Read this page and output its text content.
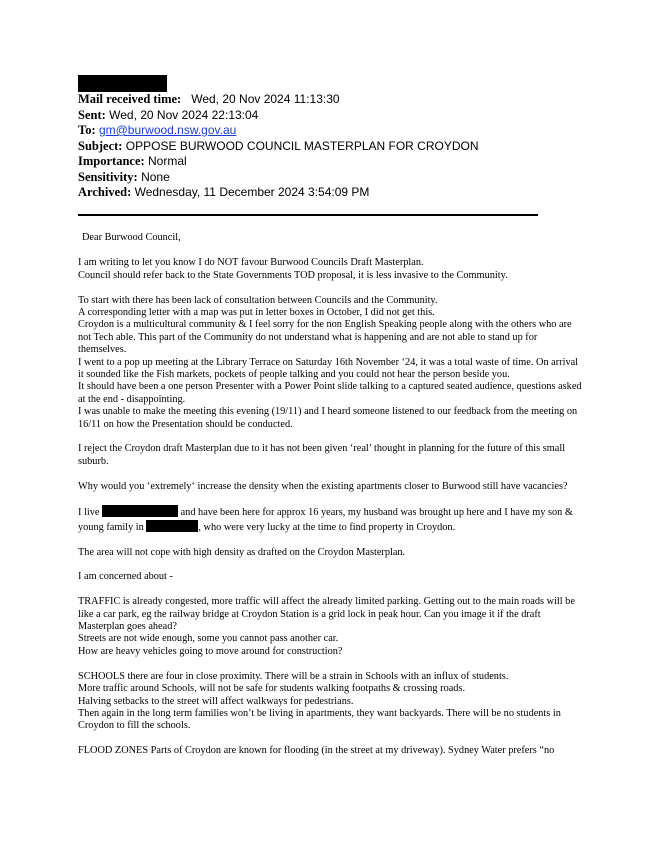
Mail received time: Wed, 20 Nov 2024 11:13:30
Sent: Wed, 20 Nov 2024 22:13:04
To: gm@burwood.nsw.gov.au
Subject: OPPOSE BURWOOD COUNCIL MASTERPLAN FOR CROYDON
Importance: Normal
Sensitivity: None
Archived: Wednesday, 11 December 2024 3:54:09 PM

Dear Burwood Council,

I am writing to let you know I do NOT favour Burwood Councils Draft Masterplan.
Council should refer back to the State Governments TOD proposal, it is less invasive to the Community.

To start with there has been lack of consultation between Councils and the Community.
A corresponding letter with a map was put in letter boxes in October, I did not get this.
Croydon is a multicultural community & I feel sorry for the non English Speaking people along with the others who are not Tech able. This part of the Community do not understand what is happening and are not able to stand up for themselves.
I went to a pop up meeting at the Library Terrace on Saturday 16th November ‘24, it was a total waste of time. On arrival it sounded like the Fish markets, pockets of people talking and you could not hear the person beside you.
It should have been a one person Presenter with a Power Point slide talking to a captured seated audience, questions asked at the end - disappointing.
I was unable to make the meeting this evening (19/11) and I heard someone listened to our feedback from the meeting on 16/11 on how the Presentation should be conducted.

I reject the Croydon draft Masterplan due to it has not been given ‘real’ thought in planning for the future of this small suburb.

Why would you ‘extremely‘ increase the density when the existing apartments closer to Burwood still have vacancies?

I live	and have been here for approx 16 years, my husband was brought up here and I have my son & young family in	, who were very lucky at the time to find property in Croydon.

The area will not cope with high density as drafted on the Croydon Masterplan.

I am concerned about -

TRAFFIC is already congested, more traffic will affect the already limited parking. Getting out to the main roads will be like a car park, eg the railway bridge at Croydon Station is a grid lock in peak hour. Can you image it if the draft Masterplan goes ahead?
Streets are not wide enough, some you cannot pass another car.
How are heavy vehicles going to move around for construction?

SCHOOLS there are four in close proximity. There will be a strain in Schools with an influx of students.
More traffic around Schools, will not be safe for students walking footpaths & crossing roads.
Halving setbacks to the street will affect walkways for pedestrians.
Then again in the long term families won’t be living in apartments, they want backyards. There will be no students in Croydon to fill the schools.

FLOOD ZONES Parts of Croydon are known for flooding (in the street at my driveway). Sydney Water prefers “no
